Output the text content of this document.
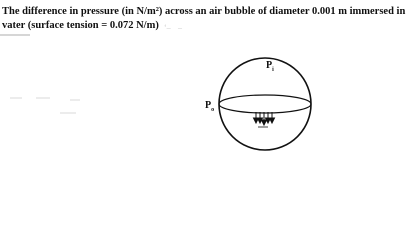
The difference in pressure (in N/m²) across an air bubble of diameter 0.001 m immersed in
vater (surface tension = 0.072 N/m) ‘– –
$P_i$
$P_o$
